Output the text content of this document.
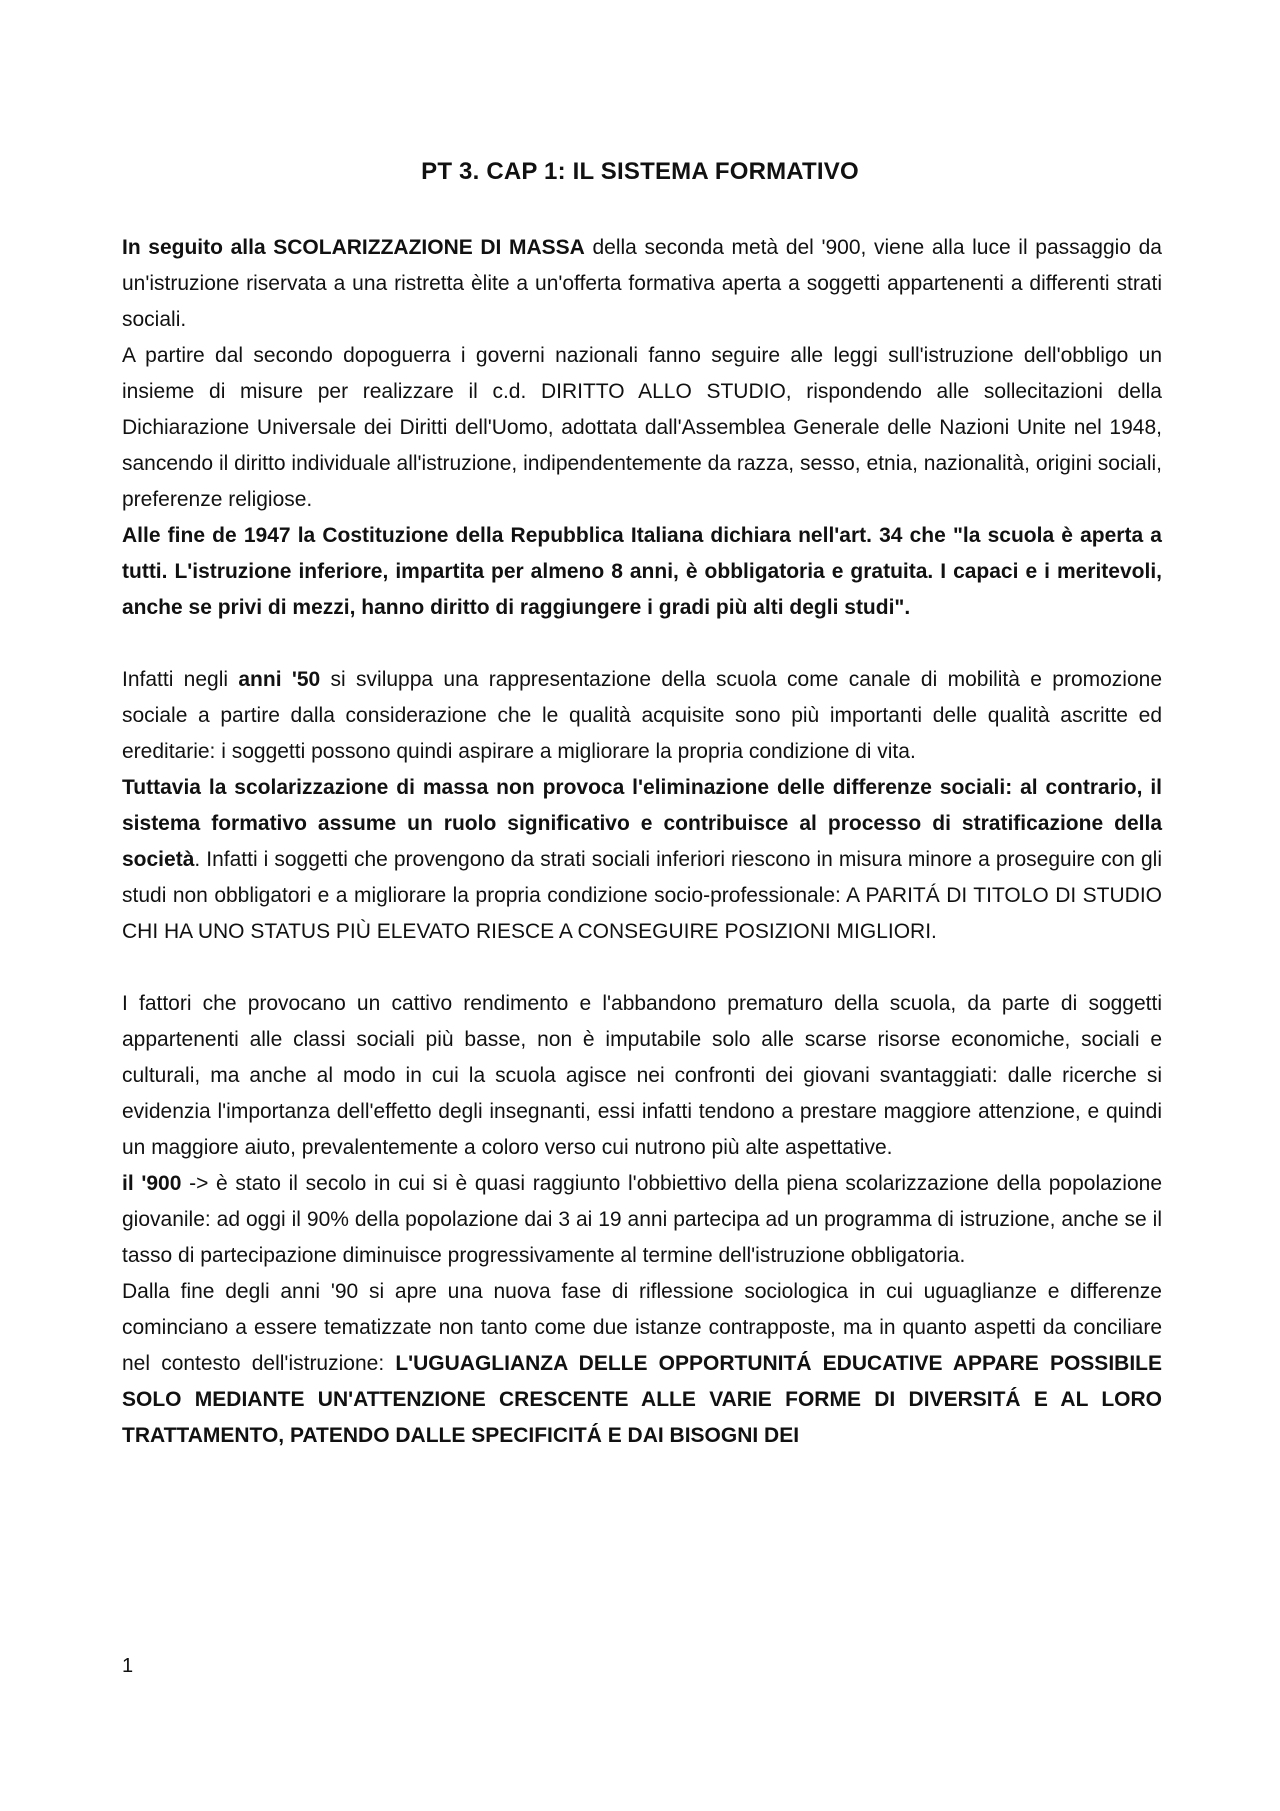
PT 3. CAP 1: IL SISTEMA FORMATIVO

In seguito alla SCOLARIZZAZIONE DI MASSA della seconda metà del '900, viene alla luce il passaggio da un'istruzione riservata a una ristretta èlite a un'offerta formativa aperta a soggetti appartenenti a differenti strati sociali.

A partire dal secondo dopoguerra i governi nazionali fanno seguire alle leggi sull'istruzione dell'obbligo un insieme di misure per realizzare il c.d. DIRITTO ALLO STUDIO, rispondendo alle sollecitazioni della Dichiarazione Universale dei Diritti dell'Uomo, adottata dall'Assemblea Generale delle Nazioni Unite nel 1948, sancendo il diritto individuale all'istruzione, indipendentemente da razza, sesso, etnia, nazionalità, origini sociali, preferenze religiose.

Alle fine de 1947 la Costituzione della Repubblica Italiana dichiara nell'art. 34 che "la scuola è aperta a tutti. L'istruzione inferiore, impartita per almeno 8 anni, è obbligatoria e gratuita. I capaci e i meritevoli, anche se privi di mezzi, hanno diritto di raggiungere i gradi più alti degli studi".

Infatti negli anni '50 si sviluppa una rappresentazione della scuola come canale di mobilità e promozione sociale a partire dalla considerazione che le qualità acquisite sono più importanti delle qualità ascritte ed ereditarie: i soggetti possono quindi aspirare a migliorare la propria condizione di vita.

Tuttavia la scolarizzazione di massa non provoca l'eliminazione delle differenze sociali: al contrario, il sistema formativo assume un ruolo significativo e contribuisce al processo di stratificazione della società. Infatti i soggetti che provengono da strati sociali inferiori riescono in misura minore a proseguire con gli studi non obbligatori e a migliorare la propria condizione socio-professionale: A PARITÁ DI TITOLO DI STUDIO CHI HA UNO STATUS PIÙ ELEVATO RIESCE A CONSEGUIRE POSIZIONI MIGLIORI.

I fattori che provocano un cattivo rendimento e l'abbandono prematuro della scuola, da parte di soggetti appartenenti alle classi sociali più basse, non è imputabile solo alle scarse risorse economiche, sociali e culturali, ma anche al modo in cui la scuola agisce nei confronti dei giovani svantaggiati: dalle ricerche si evidenzia l'importanza dell'effetto degli insegnanti, essi infatti tendono a prestare maggiore attenzione, e quindi un maggiore aiuto, prevalentemente a coloro verso cui nutrono più alte aspettative.

il '900 -> è stato il secolo in cui si è quasi raggiunto l'obbiettivo della piena scolarizzazione della popolazione giovanile: ad oggi il 90% della popolazione dai 3 ai 19 anni partecipa ad un programma di istruzione, anche se il tasso di partecipazione diminuisce progressivamente al termine dell'istruzione obbligatoria.

Dalla fine degli anni '90 si apre una nuova fase di riflessione sociologica in cui uguaglianze e differenze cominciano a essere tematizzate non tanto come due istanze contrapposte, ma in quanto aspetti da conciliare nel contesto dell'istruzione: L'UGUAGLIANZA DELLE OPPORTUNITÁ EDUCATIVE APPARE POSSIBILE SOLO MEDIANTE UN'ATTENZIONE CRESCENTE ALLE VARIE FORME DI DIVERSITÁ E AL LORO TRATTAMENTO, PATENDO DALLE SPECIFICITÁ E DAI BISOGNI DEI

1
